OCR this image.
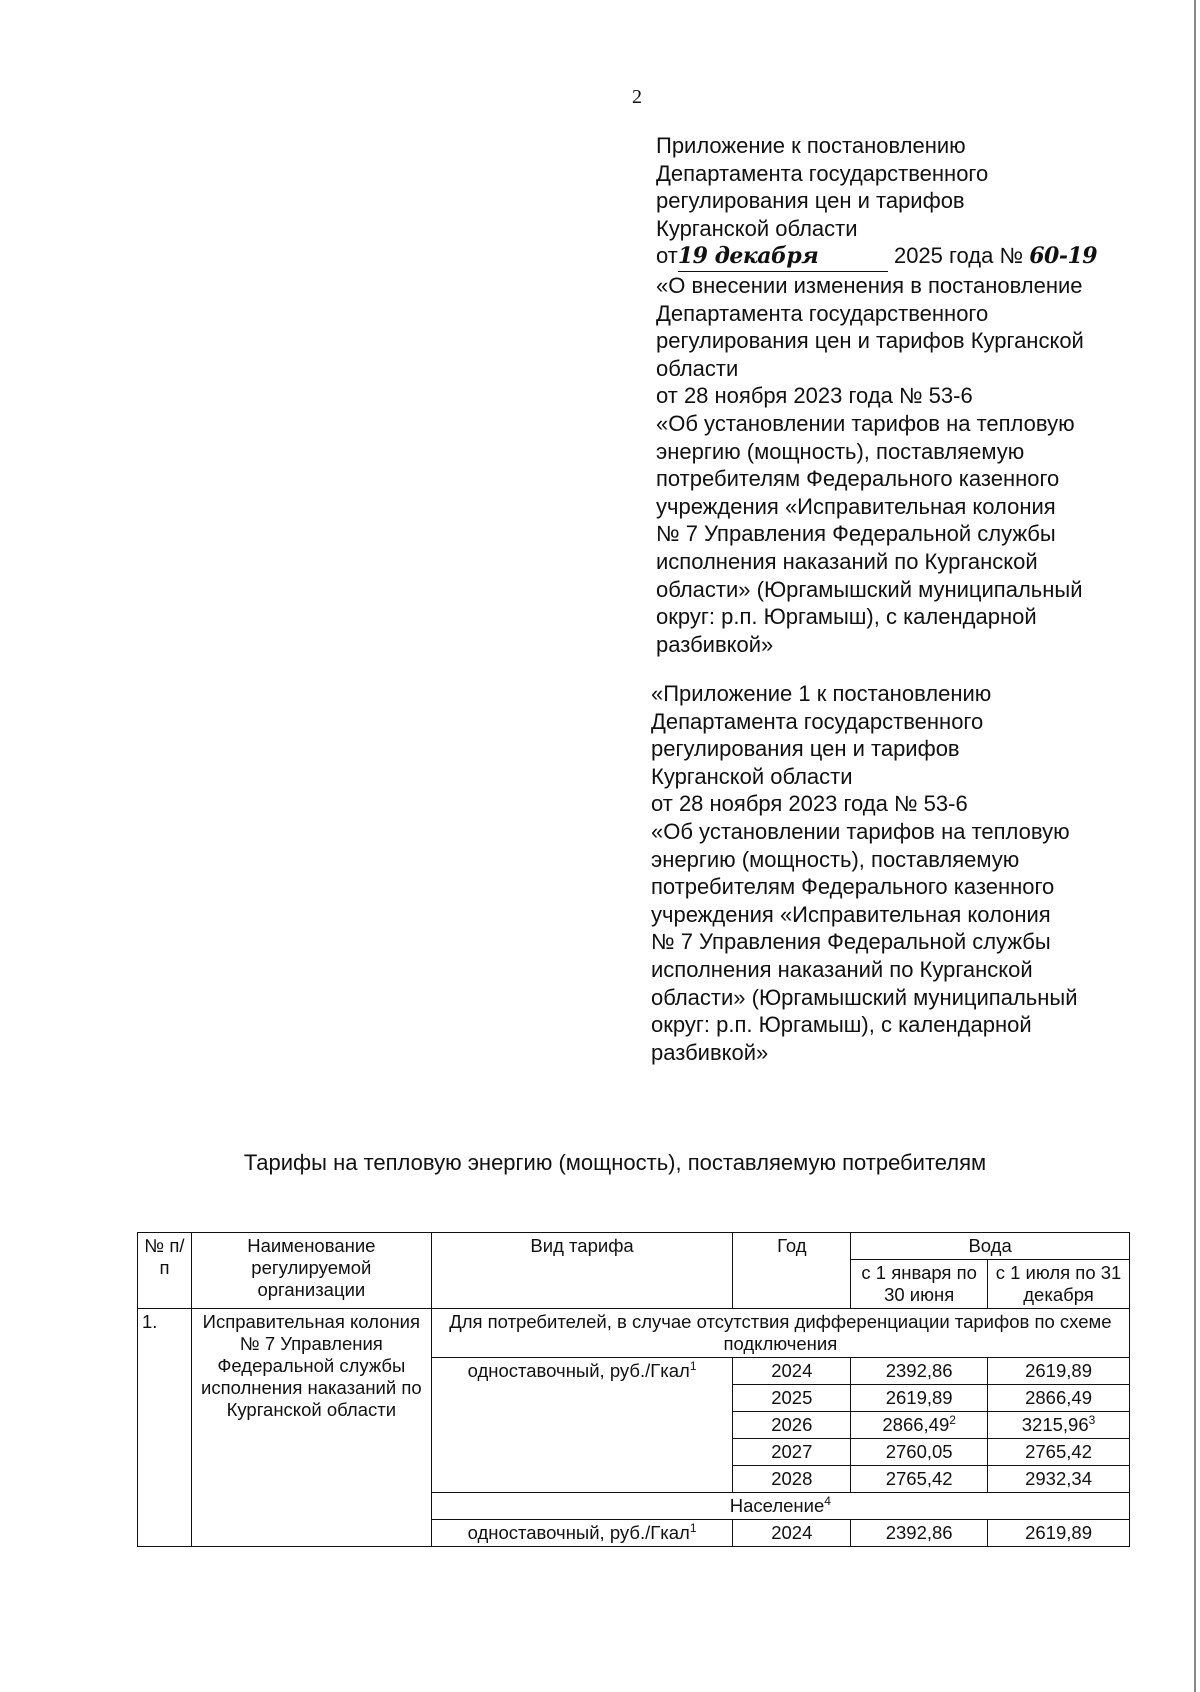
2
Приложение к постановлению
Департамента государственного
регулирования цен и тарифов
Курганской области
от19 декабря	2025 года № 60-19
«О внесении изменения в постановление
Департамента государственного
регулирования цен и тарифов Курганской
области
от 28 ноября 2023 года № 53-6
«Об установлении тарифов на тепловую
энергию (мощность), поставляемую
потребителям Федерального казенного
учреждения «Исправительная колония
№ 7 Управления Федеральной службы
исполнения наказаний по Курганской
области» (Юргамышский муниципальный
округ: р.п. Юргамыш), с календарной
разбивкой»
«Приложение 1 к постановлению
Департамента государственного
регулирования цен и тарифов
Курганской области
от 28 ноября 2023 года № 53-6
«Об установлении тарифов на тепловую
энергию (мощность), поставляемую
потребителям Федерального казенного
учреждения «Исправительная колония
№ 7 Управления Федеральной службы
исполнения наказаний по Курганской
области» (Юргамышский муниципальный
округ: р.п. Юргамыш), с календарной
разбивкой»
Тарифы на тепловую энергию (мощность), поставляемую потребителям
№ п/п	Наименование регулируемой организации	Вид тарифа	Год	Вода	
				с 1 января по 30 июня	с 1 июля по 31 декабря
1.	Исправительная колония № 7 Управления Федеральной службы исполнения наказаний по Курганской области	Для потребителей, в случае отсутствия дифференциации тарифов по схеме подключения			
		одноставочный, руб./Гкал$^1$	2024	2392,86	2619,89
			2025	2619,89	2866,49
			2026	2866,49$^2$	3215,96$^3$
			2027	2760,05	2765,42
			2028	2765,42	2932,34
		Население$^4$
		одноставочный, руб./Гкал$^1$	2024	2392,86	2619,89
